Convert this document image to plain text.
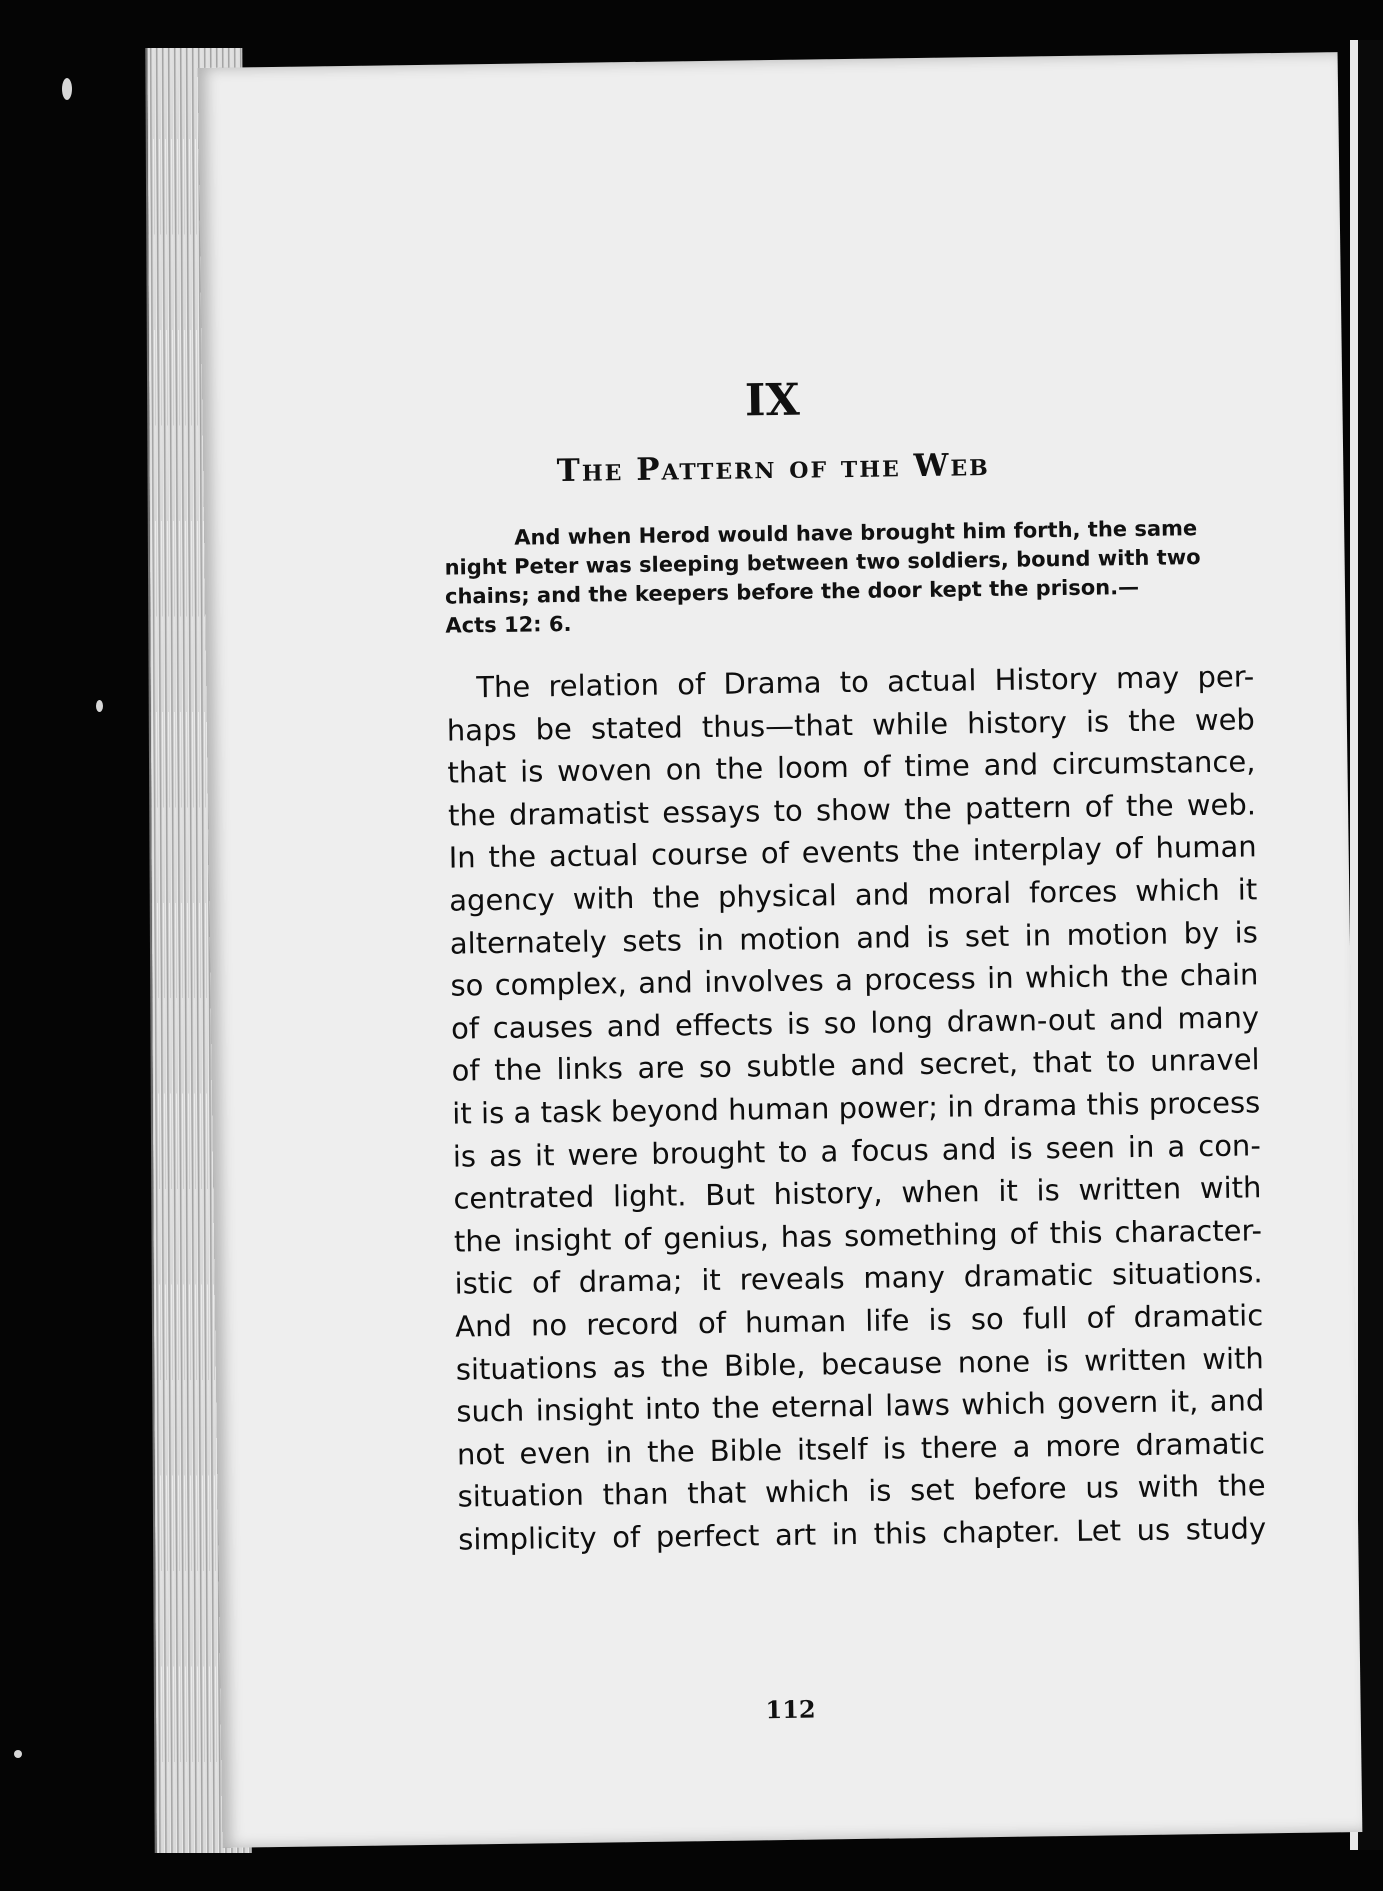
IX
The Pattern of the Web
And when Herod would have brought him forth, the same
night Peter was sleeping between two soldiers, bound with two
chains; and the keepers before the door kept the prison.—
Acts 12: 6.
The relation of Drama to actual History may per-
haps be stated thus—that while history is the web
that is woven on the loom of time and circumstance,
the dramatist essays to show the pattern of the web.
In the actual course of events the interplay of human
agency with the physical and moral forces which it
alternately sets in motion and is set in motion by is
so complex, and involves a process in which the chain
of causes and effects is so long drawn-out and many
of the links are so subtle and secret, that to unravel
it is a task beyond human power; in drama this process
is as it were brought to a focus and is seen in a con-
centrated light. But history, when it is written with
the insight of genius, has something of this character-
istic of drama; it reveals many dramatic situations.
And no record of human life is so full of dramatic
situations as the Bible, because none is written with
such insight into the eternal laws which govern it, and
not even in the Bible itself is there a more dramatic
situation than that which is set before us with the
simplicity of perfect art in this chapter. Let us study
112
